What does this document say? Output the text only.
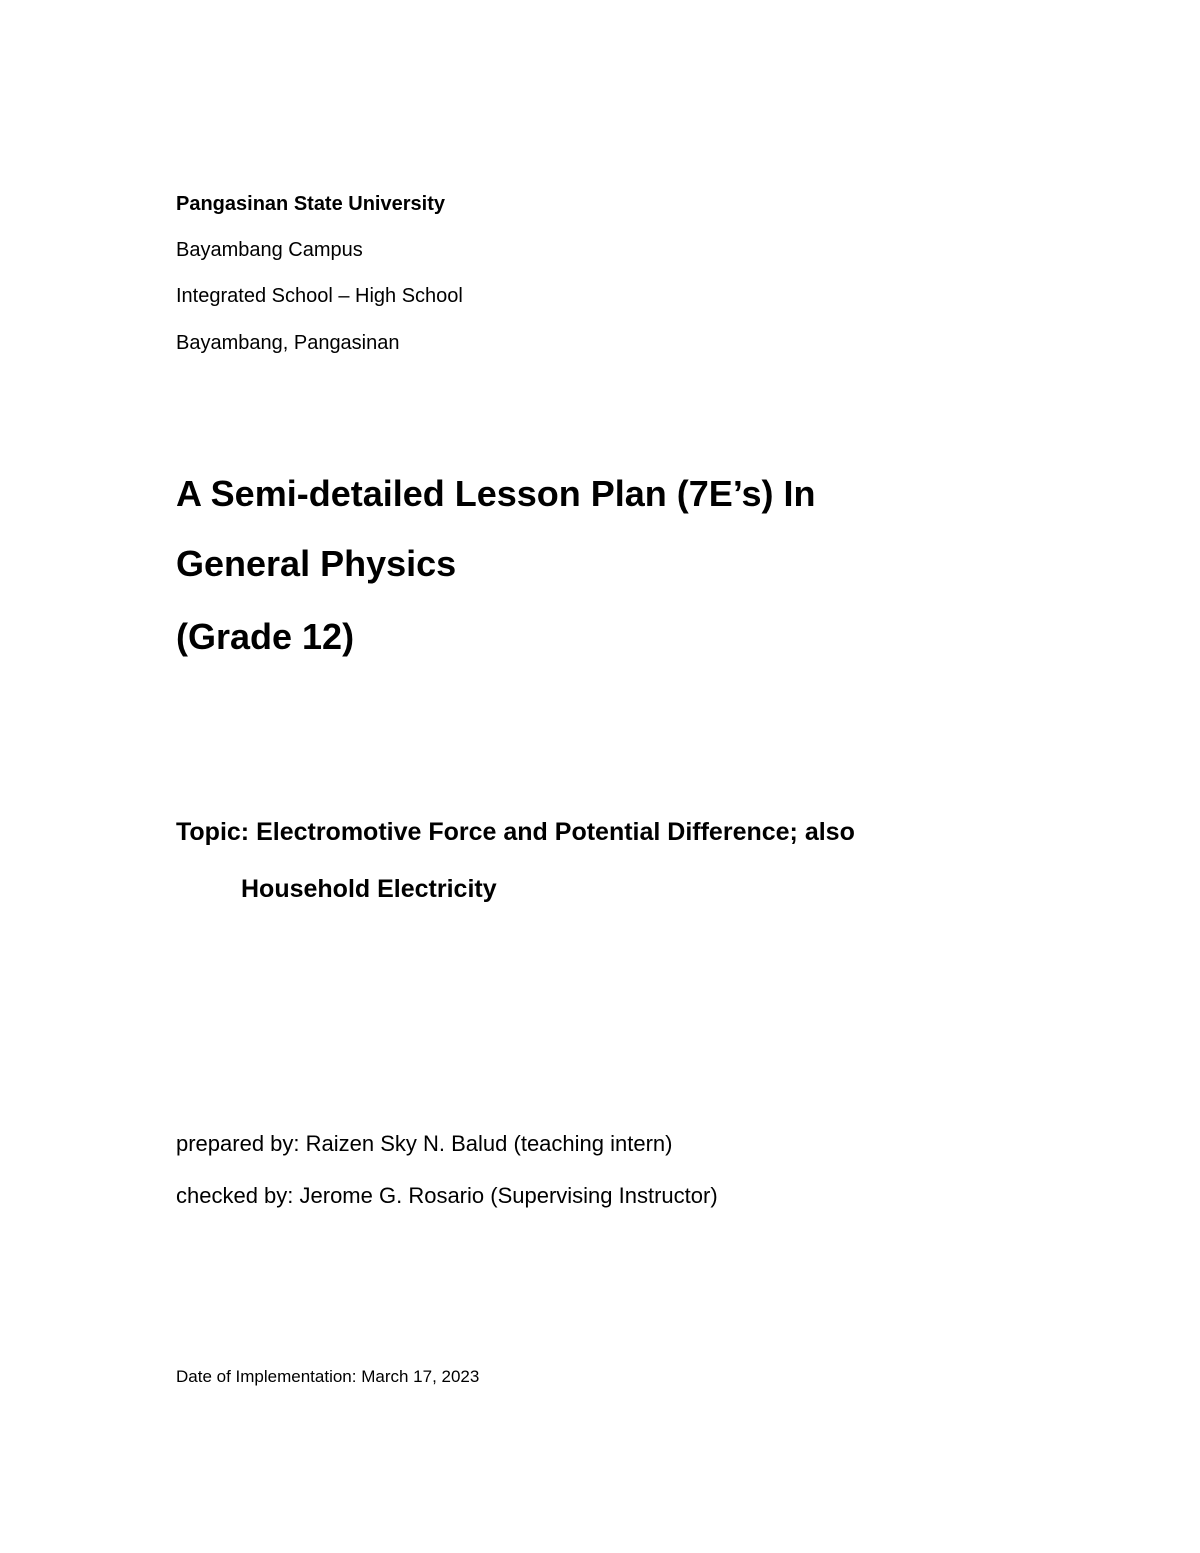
Pangasinan State University
Bayambang Campus
Integrated School – High School
Bayambang, Pangasinan
A Semi-detailed Lesson Plan (7E’s) In
General Physics
(Grade 12)
Topic: Electromotive Force and Potential Difference; also
Household Electricity
prepared by: Raizen Sky N. Balud (teaching intern)
checked by: Jerome G. Rosario (Supervising Instructor)
Date of Implementation: March 17, 2023
